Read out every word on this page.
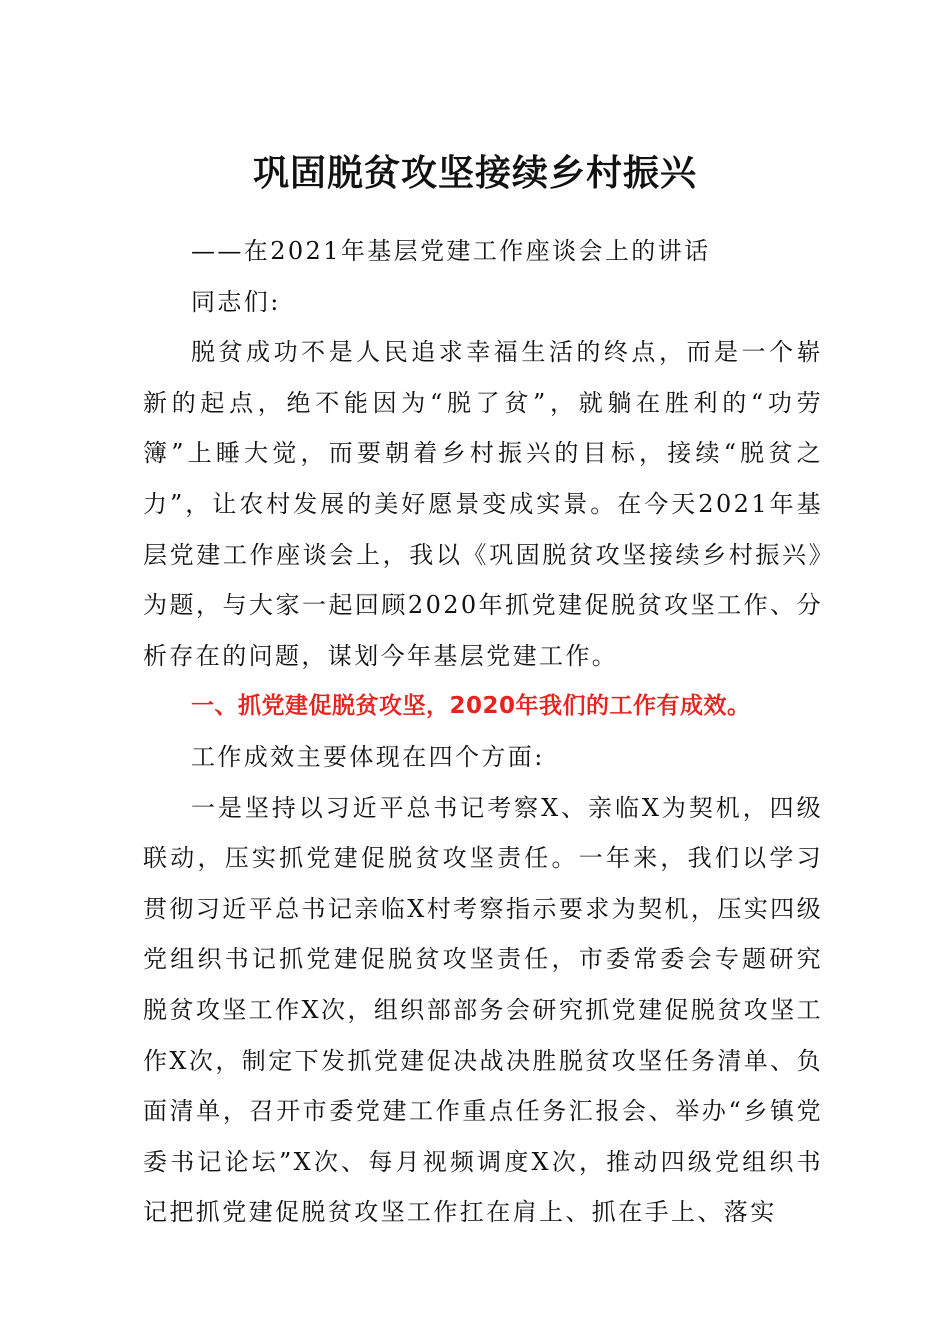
巩固脱贫攻坚接续乡村振兴

——在2021年基层党建工作座谈会上的讲话

同志们:

脱贫成功不是人民追求幸福生活的终点，而是一个崭新的起点，绝不能因为“脱了贫”，就躺在胜利的“功劳簿”上睡大觉，而要朝着乡村振兴的目标，接续“脱贫之力”，让农村发展的美好愿景变成实景。在今天2021年基层党建工作座谈会上，我以《巩固脱贫攻坚接续乡村振兴》为题，与大家一起回顾2020年抓党建促脱贫攻坚工作、分析存在的问题，谋划今年基层党建工作。

一、抓党建促脱贫攻坚，2020年我们的工作有成效。

工作成效主要体现在四个方面:

一是坚持以习近平总书记考察X、亲临X为契机，四级联动，压实抓党建促脱贫攻坚责任。一年来，我们以学习贯彻习近平总书记亲临X村考察指示要求为契机，压实四级党组织书记抓党建促脱贫攻坚责任，市委常委会专题研究脱贫攻坚工作X次，组织部部务会研究抓党建促脱贫攻坚工作X次，制定下发抓党建促决战决胜脱贫攻坚任务清单、负面清单，召开市委党建工作重点任务汇报会、举办“乡镇党委书记论坛”X次、每月视频调度X次，推动四级党组织书记把抓党建促脱贫攻坚工作扛在肩上、抓在手上、落实
